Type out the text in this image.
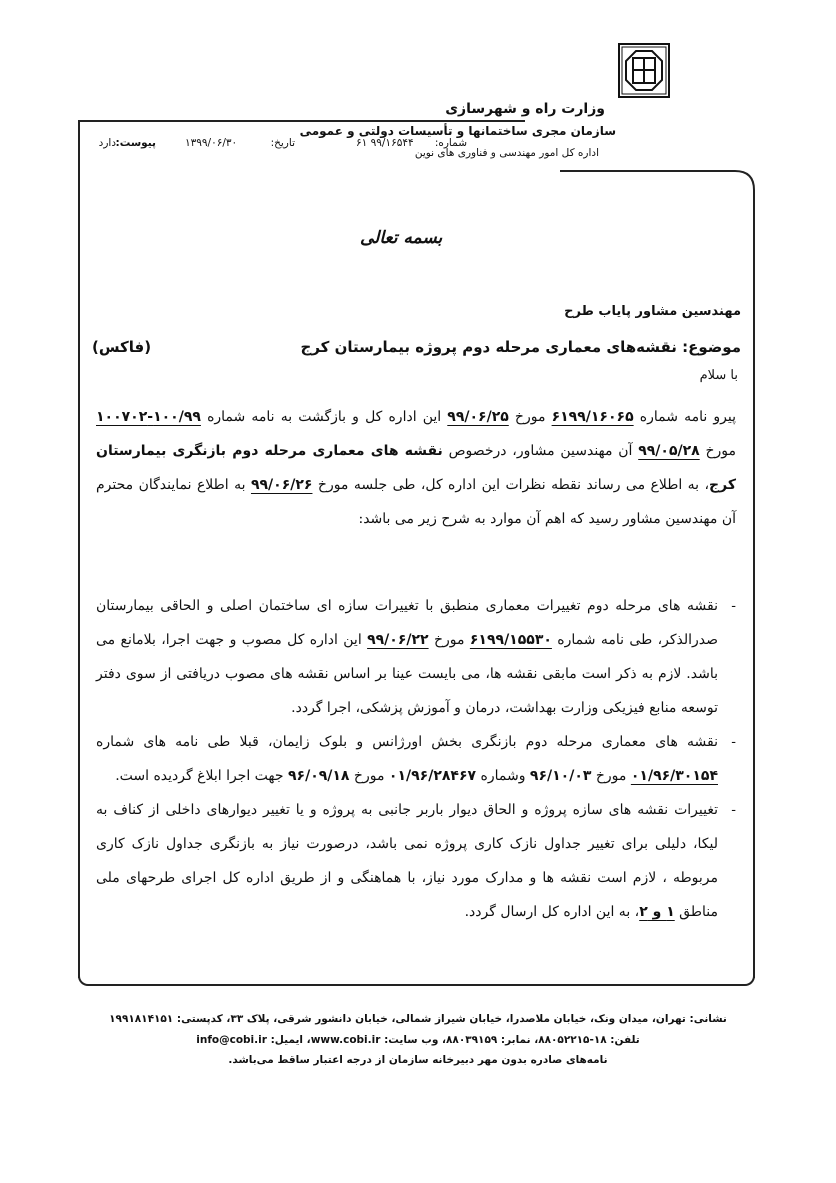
وزارت راه و شهرسازی
سازمان مجری ساختمانها و تأسیسات دولتی و عمومی
اداره کل امور مهندسی و فناوری های نوین
شماره:
۶۱ ۹۹/۱۶۵۴۴
تاریخ:
۱۳۹۹/۰۶/۳۰
پیوست:
دارد
بسمه تعالی
مهندسین مشاور پایاب طرح
موضوع: نقشه‌های معماری مرحله دوم پروژه بیمارستان کرج
(فاکس)
با سلام
پیرو نامه شماره ۶۱۹۹/۱۶۰۶۵ مورخ ۹۹/۰۶/۲۵ این اداره کل و بازگشت به نامه شماره ۱۰۰/۹۹-۱۰۰۷۰۲ مورخ ۹۹/۰۵/۲۸ آن مهندسین مشاور، درخصوص نقشه های معماری مرحله دوم بازنگری بیمارستان کرج، به اطلاع می رساند نقطه نظرات این اداره کل، طی جلسه مورخ ۹۹/۰۶/۲۶ به اطلاع نمایندگان محترم آن مهندسین مشاور رسید که اهم آن موارد به شرح زیر می باشد:
- نقشه های مرحله دوم تغییرات معماری منطبق با تغییرات سازه ای ساختمان اصلی و الحاقی بیمارستان صدرالذکر، طی نامه شماره ۶۱۹۹/۱۵۵۳۰ مورخ ۹۹/۰۶/۲۲ این اداره کل مصوب و جهت اجرا، بلامانع می باشد. لازم به ذکر است مابقی نقشه ها، می بایست عینا بر اساس نقشه های مصوب دریافتی از سوی دفتر توسعه منابع فیزیکی وزارت بهداشت، درمان و آموزش پزشکی، اجرا گردد.
- نقشه های معماری مرحله دوم بازنگری بخش اورژانس و بلوک زایمان، قبلا طی نامه های شماره ۰۱/۹۶/۳۰۱۵۴ مورخ ۹۶/۱۰/۰۳ وشماره ۰۱/۹۶/۲۸۴۶۷ مورخ ۹۶/۰۹/۱۸ جهت اجرا ابلاغ گردیده است.
- تغییرات نقشه های سازه پروژه و الحاق دیوار باربر جانبی به پروژه و یا تغییر دیوارهای داخلی از کناف به لیکا، دلیلی برای تغییر جداول نازک کاری پروژه نمی باشد، درصورت نیاز به بازنگری جداول نازک کاری مربوطه ، لازم است نقشه ها و مدارک مورد نیاز، با هماهنگی و از طریق اداره کل اجرای طرحهای ملی مناطق ۱ و ۲، به این اداره کل ارسال گردد.
نشانی: تهران، میدان ونک، خیابان ملاصدرا، خیابان شیراز شمالی، خیابان دانشور شرقی، پلاک ۳۳، کدپستی: ۱۹۹۱۸۱۴۱۵۱
تلفن: ۱۸-۸۸۰۵۲۲۱۵، نمابر: ۸۸۰۳۹۱۵۹، وب سایت: www.cobi.ir، ایمیل: info@cobi.ir
نامه‌های صادره بدون مهر دبیرخانه سازمان از درجه اعتبار ساقط می‌باشد.
